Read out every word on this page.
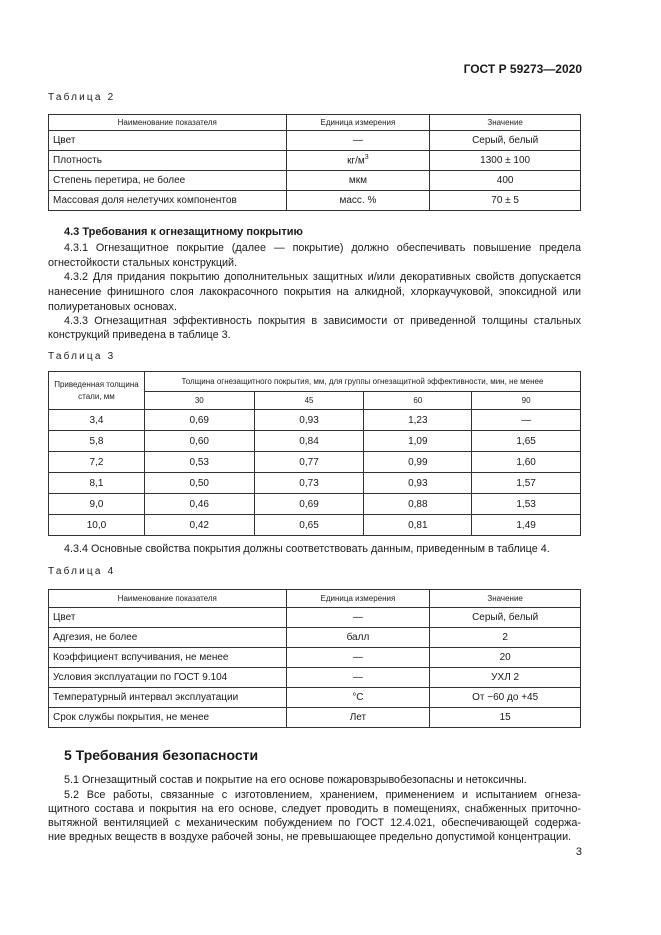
ГОСТ Р 59273—2020
Таблица 2
Наименование показателя	Единица измерения	Значение
Цвет	—	Серый, белый
Плотность	$кг/м^3$	1300 ± 100
Степень перетира, не более	мкм	400
Массовая доля нелетучих компонентов	масс. %	70 ± 5
4.3 Требования к огнезащитному покрытию
4.3.1 Огнезащитное покрытие (далее — покрытие) должно обеспечивать повышение предела
огнестойкости стальных конструкций.
4.3.2 Для придания покрытию дополнительных защитных и/или декоративных свойств допускается
нанесение финишного слоя лакокрасочного покрытия на алкидной, хлоркаучуковой, эпоксидной или
полиуретановых основах.
4.3.3 Огнезащитная эффективность покрытия в зависимости от приведенной толщины стальных
конструкций приведена в таблице 3.
Таблица 3
Приведенная толщина стали, мм	Толщина огнезащитного покрытия, мм, для группы огнезащитной эффективности, мин, не менее			
	30	45	60	90
3,4	0,69	0,93	1,23	—
5,8	0,60	0,84	1,09	1,65
7,2	0,53	0,77	0,99	1,60
8,1	0,50	0,73	0,93	1,57
9,0	0,46	0,69	0,88	1,53
10,0	0,42	0,65	0,81	1,49
4.3.4 Основные свойства покрытия должны соответствовать данным, приведенным в таблице 4.
Таблица 4
Наименование показателя	Единица измерения	Значение
Цвет	—	Серый, белый
Адгезия, не более	балл	2
Коэффициент вспучивания, не менее	—	20
Условия эксплуатации по ГОСТ 9.104	—	УХЛ 2
Температурный интервал эксплуатации	°С	От −60 до +45
Срок службы покрытия, не менее	Лет	15
5 Требования безопасности
5.1 Огнезащитный состав и покрытие на его основе пожаровзрывобезопасны и нетоксичны.
5.2 Все работы, связанные с изготовлением, хранением, применением и испытанием огнеза-
щитного состава и покрытия на его основе, следует проводить в помещениях, снабженных приточно-
вытяжной вентиляцией с механическим побуждением по ГОСТ 12.4.021, обеспечивающей содержа-
ние вредных веществ в воздухе рабочей зоны, не превышающее предельно допустимой концентрации.
3
